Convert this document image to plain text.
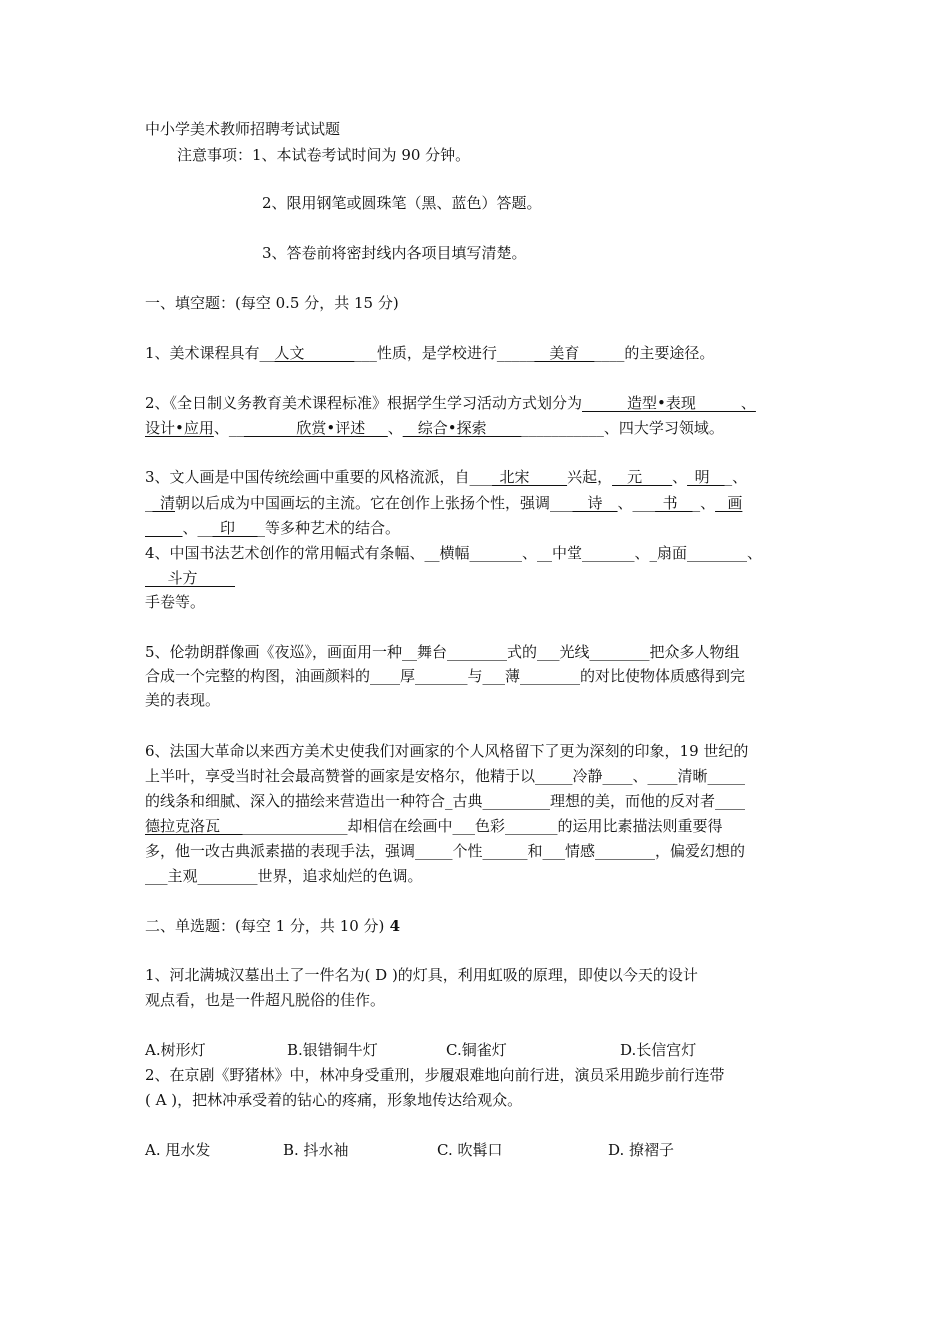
中小学美术教师招聘考试试题
注意事项：1、本试卷考试时间为 90 分钟。
2、限用钢笔或圆珠笔（黑、蓝色）答题。
3、答卷前将密封线内各项目填写清楚。
一、填空题：(每空 0.5 分，共 15 分)
1、美术课程具有__人文 _________性质，是学校进行_______美育______的主要途径。
2、《全日制义务教育美术课程标准》根据学生学习活动方式划分为______造型•表现______、
设计•应用、_________欣赏•评述___、__综合•探索 _______________、四大学习领域。
3、文人画是中国传统绘画中重要的风格流派，自____北宋_____兴起，__元____、_明___、
__清朝以后成为中国画坛的主流。它在创作上张扬个性，强调_____诗__、____书___、_ 画
_____、___印____等多种艺术的结合。
4、中国书法艺术创作的常用幅式有条幅、__横幅_______、__中堂_______、_扇面________、
___斗方_____
手卷等。
5、伦勃朗群像画《夜巡》，画面用一种__舞台________式的___光线________把众多人物组
合成一个完整的构图，油画颜料的____厚_______与___薄________的对比使物体质感得到完
美的表现。
6、法国大革命以来西方美术史使我们对画家的个人风格留下了更为深刻的印象，19 世纪的
上半叶，享受当时社会最高赞誉的画家是安格尔，他精于以_____冷静____、____清晰_____
的线条和细腻、深入的描绘来营造出一种符合_古典_________理想的美，而他的反对者____
德拉克洛瓦_________________却相信在绘画中___色彩_______的运用比素描法则重要得
多，他一改古典派素描的表现手法，强调_____个性______和___情感________，偏爱幻想的
___主观________世界，追求灿烂的色调。
二、单选题：(每空 1 分，共 10 分) 4
1、河北满城汉墓出土了一件名为( D )的灯具，利用虹吸的原理，即使以今天的设计
观点看，也是一件超凡脱俗的佳作。
A.树形灯	B.银错铜牛灯	C.铜雀灯	D.长信宫灯
2、在京剧《野猪林》中，林冲身受重刑，步履艰难地向前行进，演员采用跪步前行连带
( A )，把林冲承受着的钻心的疼痛，形象地传达给观众。
A. 甩水发	B. 抖水袖	C. 吹髯口	D. 撩褶子
